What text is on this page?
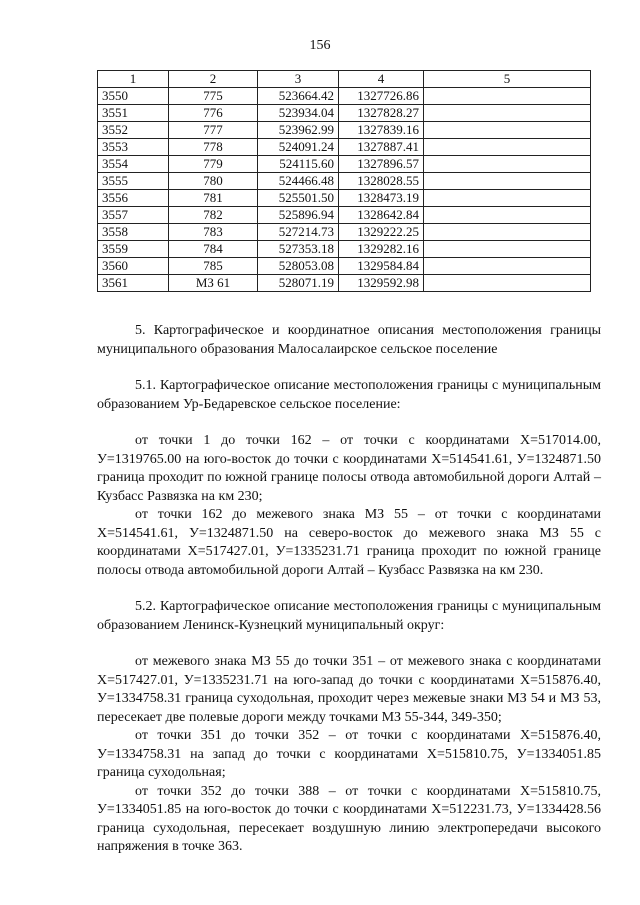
156
1	2	3	4	5
3550	775	523664.42	1327726.86	
3551	776	523934.04	1327828.27	
3552	777	523962.99	1327839.16	
3553	778	524091.24	1327887.41	
3554	779	524115.60	1327896.57	
3555	780	524466.48	1328028.55	
3556	781	525501.50	1328473.19	
3557	782	525896.94	1328642.84	
3558	783	527214.73	1329222.25	
3559	784	527353.18	1329282.16	
3560	785	528053.08	1329584.84	
3561	МЗ 61	528071.19	1329592.98	

5. Картографическое и координатное описания местоположения границы муниципального образования Малосалаирское сельское поселение

5.1. Картографическое описание местоположения границы с муниципальным образованием Ур-Бедаревское сельское поселение:

от точки 1 до точки 162 – от точки с координатами Х=517014.00, У=1319765.00 на юго-восток до точки с координатами Х=514541.61, У=1324871.50 граница проходит по южной границе полосы отвода автомобильной дороги Алтай – Кузбасс Развязка на км 230;

от точки 162 до межевого знака МЗ 55 – от точки с координатами Х=514541.61, У=1324871.50 на северо-восток до межевого знака МЗ 55 с координатами Х=517427.01, У=1335231.71 граница проходит по южной границе полосы отвода автомобильной дороги Алтай – Кузбасс Развязка на км 230.

5.2. Картографическое описание местоположения границы с муниципальным образованием Ленинск-Кузнецкий муниципальный округ:

от межевого знака МЗ 55 до точки 351 – от межевого знака с координатами Х=517427.01, У=1335231.71 на юго-запад до точки с координатами Х=515876.40, У=1334758.31 граница суходольная, проходит через межевые знаки МЗ 54 и МЗ 53, пересекает две полевые дороги между точками МЗ 55-344, 349-350;

от точки 351 до точки 352 – от точки с координатами Х=515876.40, У=1334758.31 на запад до точки с координатами Х=515810.75, У=1334051.85 граница суходольная;

от точки 352 до точки 388 – от точки с координатами Х=515810.75, У=1334051.85 на юго-восток до точки с координатами Х=512231.73, У=1334428.56 граница суходольная, пересекает воздушную линию электропередачи высокого напряжения в точке 363.
